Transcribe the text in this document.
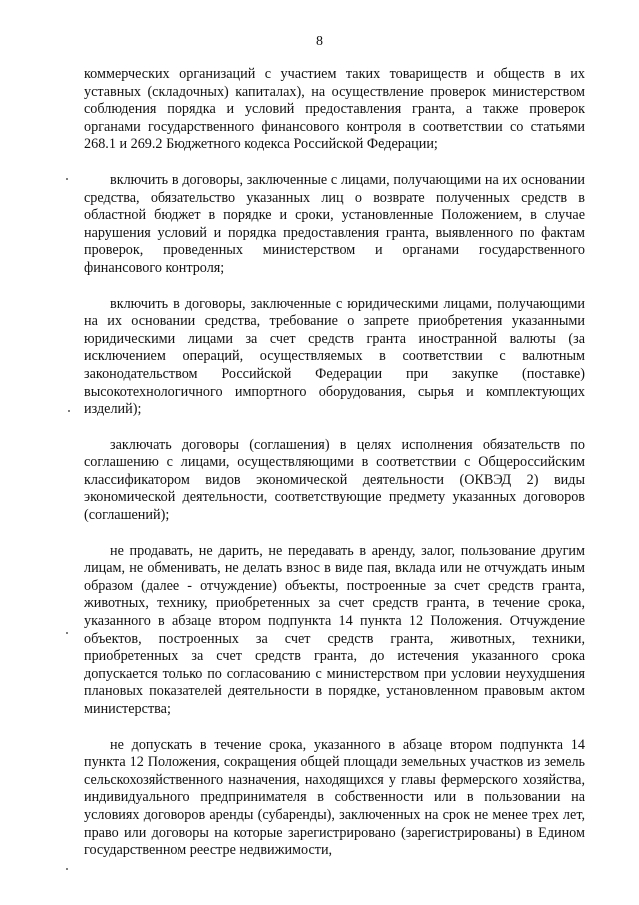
8

коммерческих организаций с участием таких товариществ и обществ в их уставных (складочных) капиталах), на осуществление проверок министерством соблюдения порядка и условий предоставления гранта, а также проверок органами государственного финансового контроля в соответствии со статьями 268.1 и 269.2 Бюджетного кодекса Российской Федерации;

включить в договоры, заключенные с лицами, получающими на их основании средства, обязательство указанных лиц о возврате полученных средств в областной бюджет в порядке и сроки, установленные Положением, в случае нарушения условий и порядка предоставления гранта, выявленного по фактам проверок, проведенных министерством и органами государственного финансового контроля;

включить в договоры, заключенные с юридическими лицами, получающими на их основании средства, требование о запрете приобретения указанными юридическими лицами за счет средств гранта иностранной валюты (за исключением операций, осуществляемых в соответствии с валютным законодательством Российской Федерации при закупке (поставке) высокотехнологичного импортного оборудования, сырья и комплектующих изделий);

заключать договоры (соглашения) в целях исполнения обязательств по соглашению с лицами, осуществляющими в соответствии с Общероссийским классификатором видов экономической деятельности (ОКВЭД 2) виды экономической деятельности, соответствующие предмету указанных договоров (соглашений);

не продавать, не дарить, не передавать в аренду, залог, пользование другим лицам, не обменивать, не делать взнос в виде пая, вклада или не отчуждать иным образом (далее - отчуждение) объекты, построенные за счет средств гранта, животных, технику, приобретенных за счет средств гранта, в течение срока, указанного в абзаце втором подпункта 14 пункта 12 Положения. Отчуждение объектов, построенных за счет средств гранта, животных, техники, приобретенных за счет средств гранта, до истечения указанного срока допускается только по согласованию с министерством при условии неухудшения плановых показателей деятельности в порядке, установленном правовым актом министерства;

не допускать в течение срока, указанного в абзаце втором подпункта 14 пункта 12 Положения, сокращения общей площади земельных участков из земель сельскохозяйственного назначения, находящихся у главы фермерского хозяйства, индивидуального предпринимателя в собственности или в пользовании на условиях договоров аренды (субаренды), заключенных на срок не менее трех лет, право или договоры на которые зарегистрировано (зарегистрированы) в Едином государственном реестре недвижимости,
